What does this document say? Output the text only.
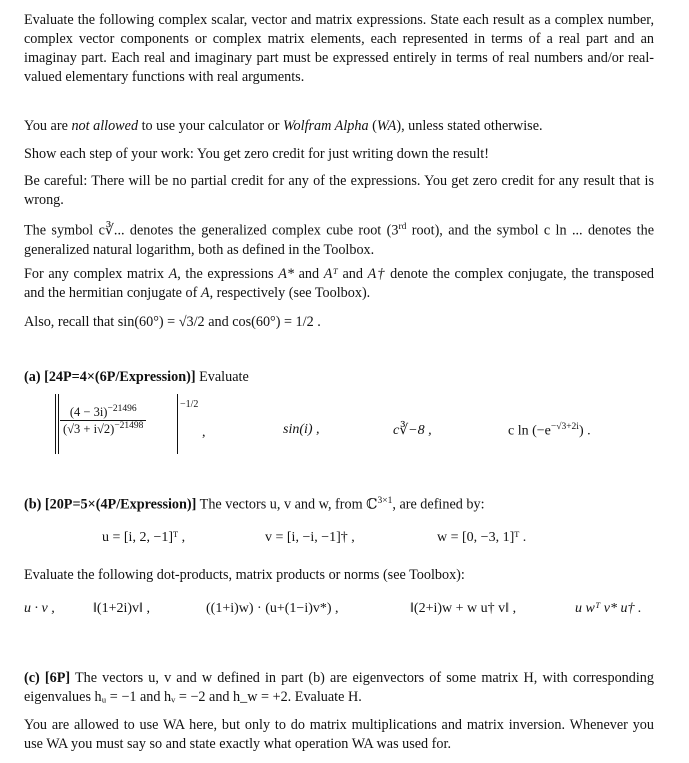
Evaluate the following complex scalar, vector and matrix expressions. State each result as a complex number, complex vector components or complex matrix elements, each represented in terms of a real part and an imaginay part. Each real and imaginary part must be expressed entirely in terms of real numbers and/or real-valued elementary functions with real arguments.
You are not allowed to use your calculator or Wolfram Alpha (WA), unless stated otherwise.
Show each step of your work: You get zero credit for just writing down the result!
Be careful: There will be no partial credit for any of the expressions. You get zero credit for any result that is wrong.
The symbol c∛... denotes the generalized complex cube root (3rd root), and the symbol c ln ... denotes the generalized natural logarithm, both as defined in the Toolbox.
For any complex matrix A, the expressions A* and Aᵀ and A† denote the complex conjugate, the transposed and the hermitian conjugate of A, respectively (see Toolbox).
Also, recall that sin(60°) = √3/2 and cos(60°) = 1/2 .
(a) [24P=4×(6P/Expression)] Evaluate
$\frac{(4 - 3i)^{-21496}}{(√3 + i√2)^{-21498}}$	−1/2
,	sin(i) ,	c∛−8 ,	c $\ln (-e^{-√3+2i})$ .
(b) [20P=5×(4P/Expression)] The vectors u, v and w, from ℂ$^{3\times 1}$, are defined by:
u = [i, 2, −1]ᵀ ,	v = [i, −i, −1]† ,	w = [0, −3, 1]ᵀ .
Evaluate the following dot-products, matrix products or norms (see Toolbox):
u · v ,	‖(1+2i)v‖ ,	((1+i)w) · (u+(1−i)v*) ,	‖(2+i)w + w u† v‖ ,	u wᵀ v* u† .
(c) [6P] The vectors u, v and w defined in part (b) are eigenvectors of some matrix H, with corresponding eigenvalues hᵤ = −1 and hᵥ = −2 and h_w = +2. Evaluate H.
You are allowed to use WA here, but only to do matrix multiplications and matrix inversion. Whenever you use WA you must say so and state exactly what operation WA was used for.
